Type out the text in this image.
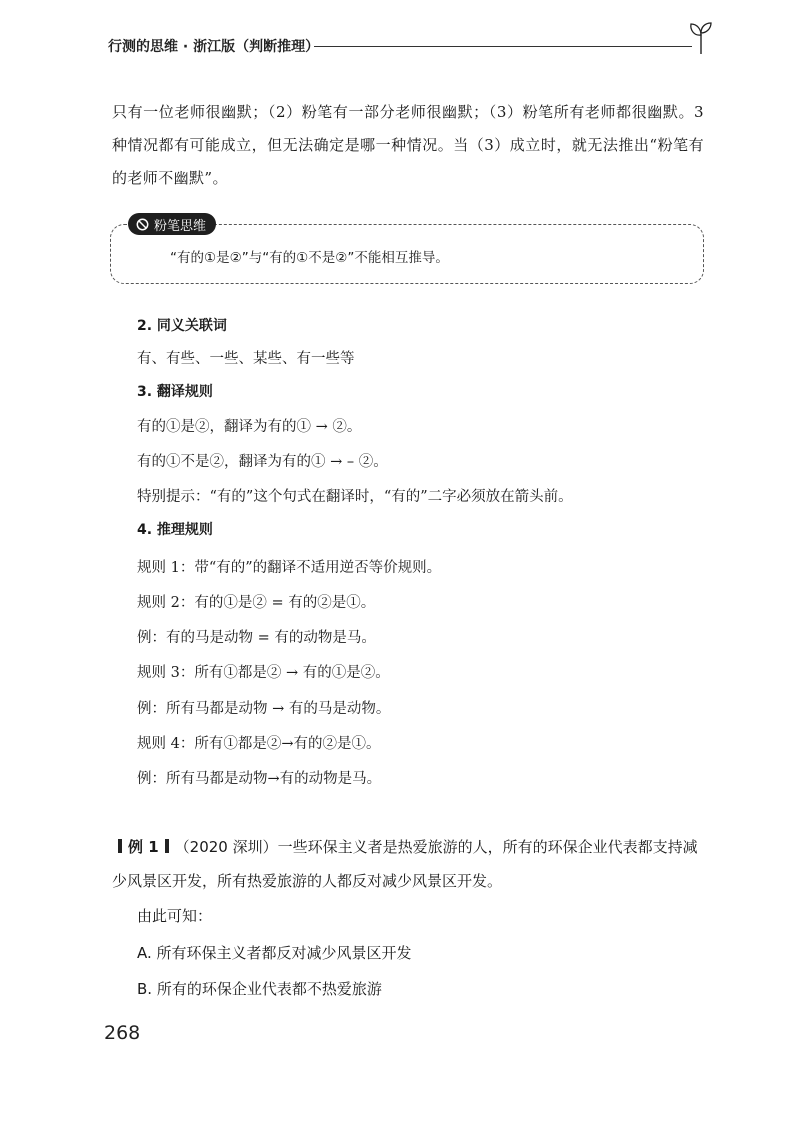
行测的思维 · 浙江版（判断推理）

只有一位老师很幽默；（2）粉笔有一部分老师很幽默；（3）粉笔所有老师都很幽默。3种情况都有可能成立，但无法确定是哪一种情况。当（3）成立时，就无法推出“粉笔有的老师不幽默”。

粉笔思维
“有的①是②”与“有的①不是②”不能相互推导。

2. 同义关联词

有、有些、一些、某些、有一些等

3. 翻译规则

有的①是②，翻译为有的① → ②。

有的①不是②，翻译为有的① → – ②。

特别提示：“有的”这个句式在翻译时，“有的”二字必须放在箭头前。

4. 推理规则

规则 1：带“有的”的翻译不适用逆否等价规则。

规则 2：有的①是② = 有的②是①。

例：有的马是动物 = 有的动物是马。

规则 3：所有①都是② → 有的①是②。

例：所有马都是动物 → 有的马是动物。

规则 4：所有①都是②→有的②是①。

例：所有马都是动物→有的动物是马。

例 1 （2020 深圳）一些环保主义者是热爱旅游的人，所有的环保企业代表都支持减少风景区开发，所有热爱旅游的人都反对减少风景区开发。

由此可知：

A. 所有环保主义者都反对减少风景区开发

B. 所有的环保企业代表都不热爱旅游

268
